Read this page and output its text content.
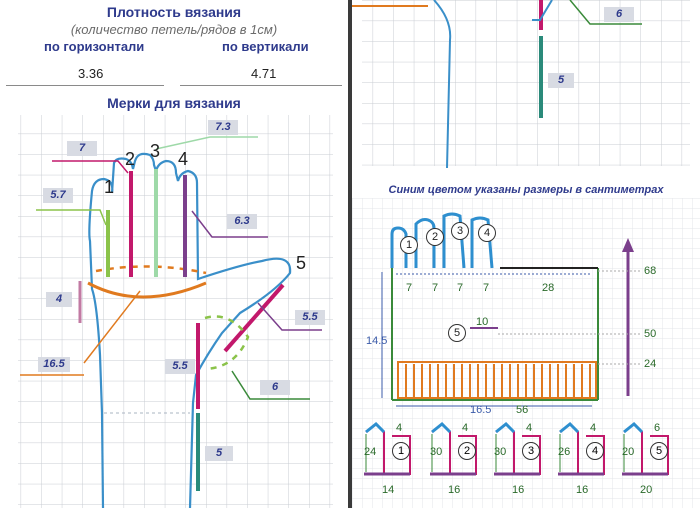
Плотность вязания
(количество петель/рядов в 1см)
по горизонтали	по вертикали
3.36	4.71
Мерки для вязания
1
2 3 4
5
7
7.3
5.7
6.3
4
16.5
5.5
5.5
6
5
6
5
Синим цветом указаны размеры в сантиметрах
1
2	3	4
5
7 7 7 7	28
10
14.5
16.5 56
68
50
24
4
24	1
14
4
30	2
16
4
30	3
16
4
26	4
16
6
20	5
20
